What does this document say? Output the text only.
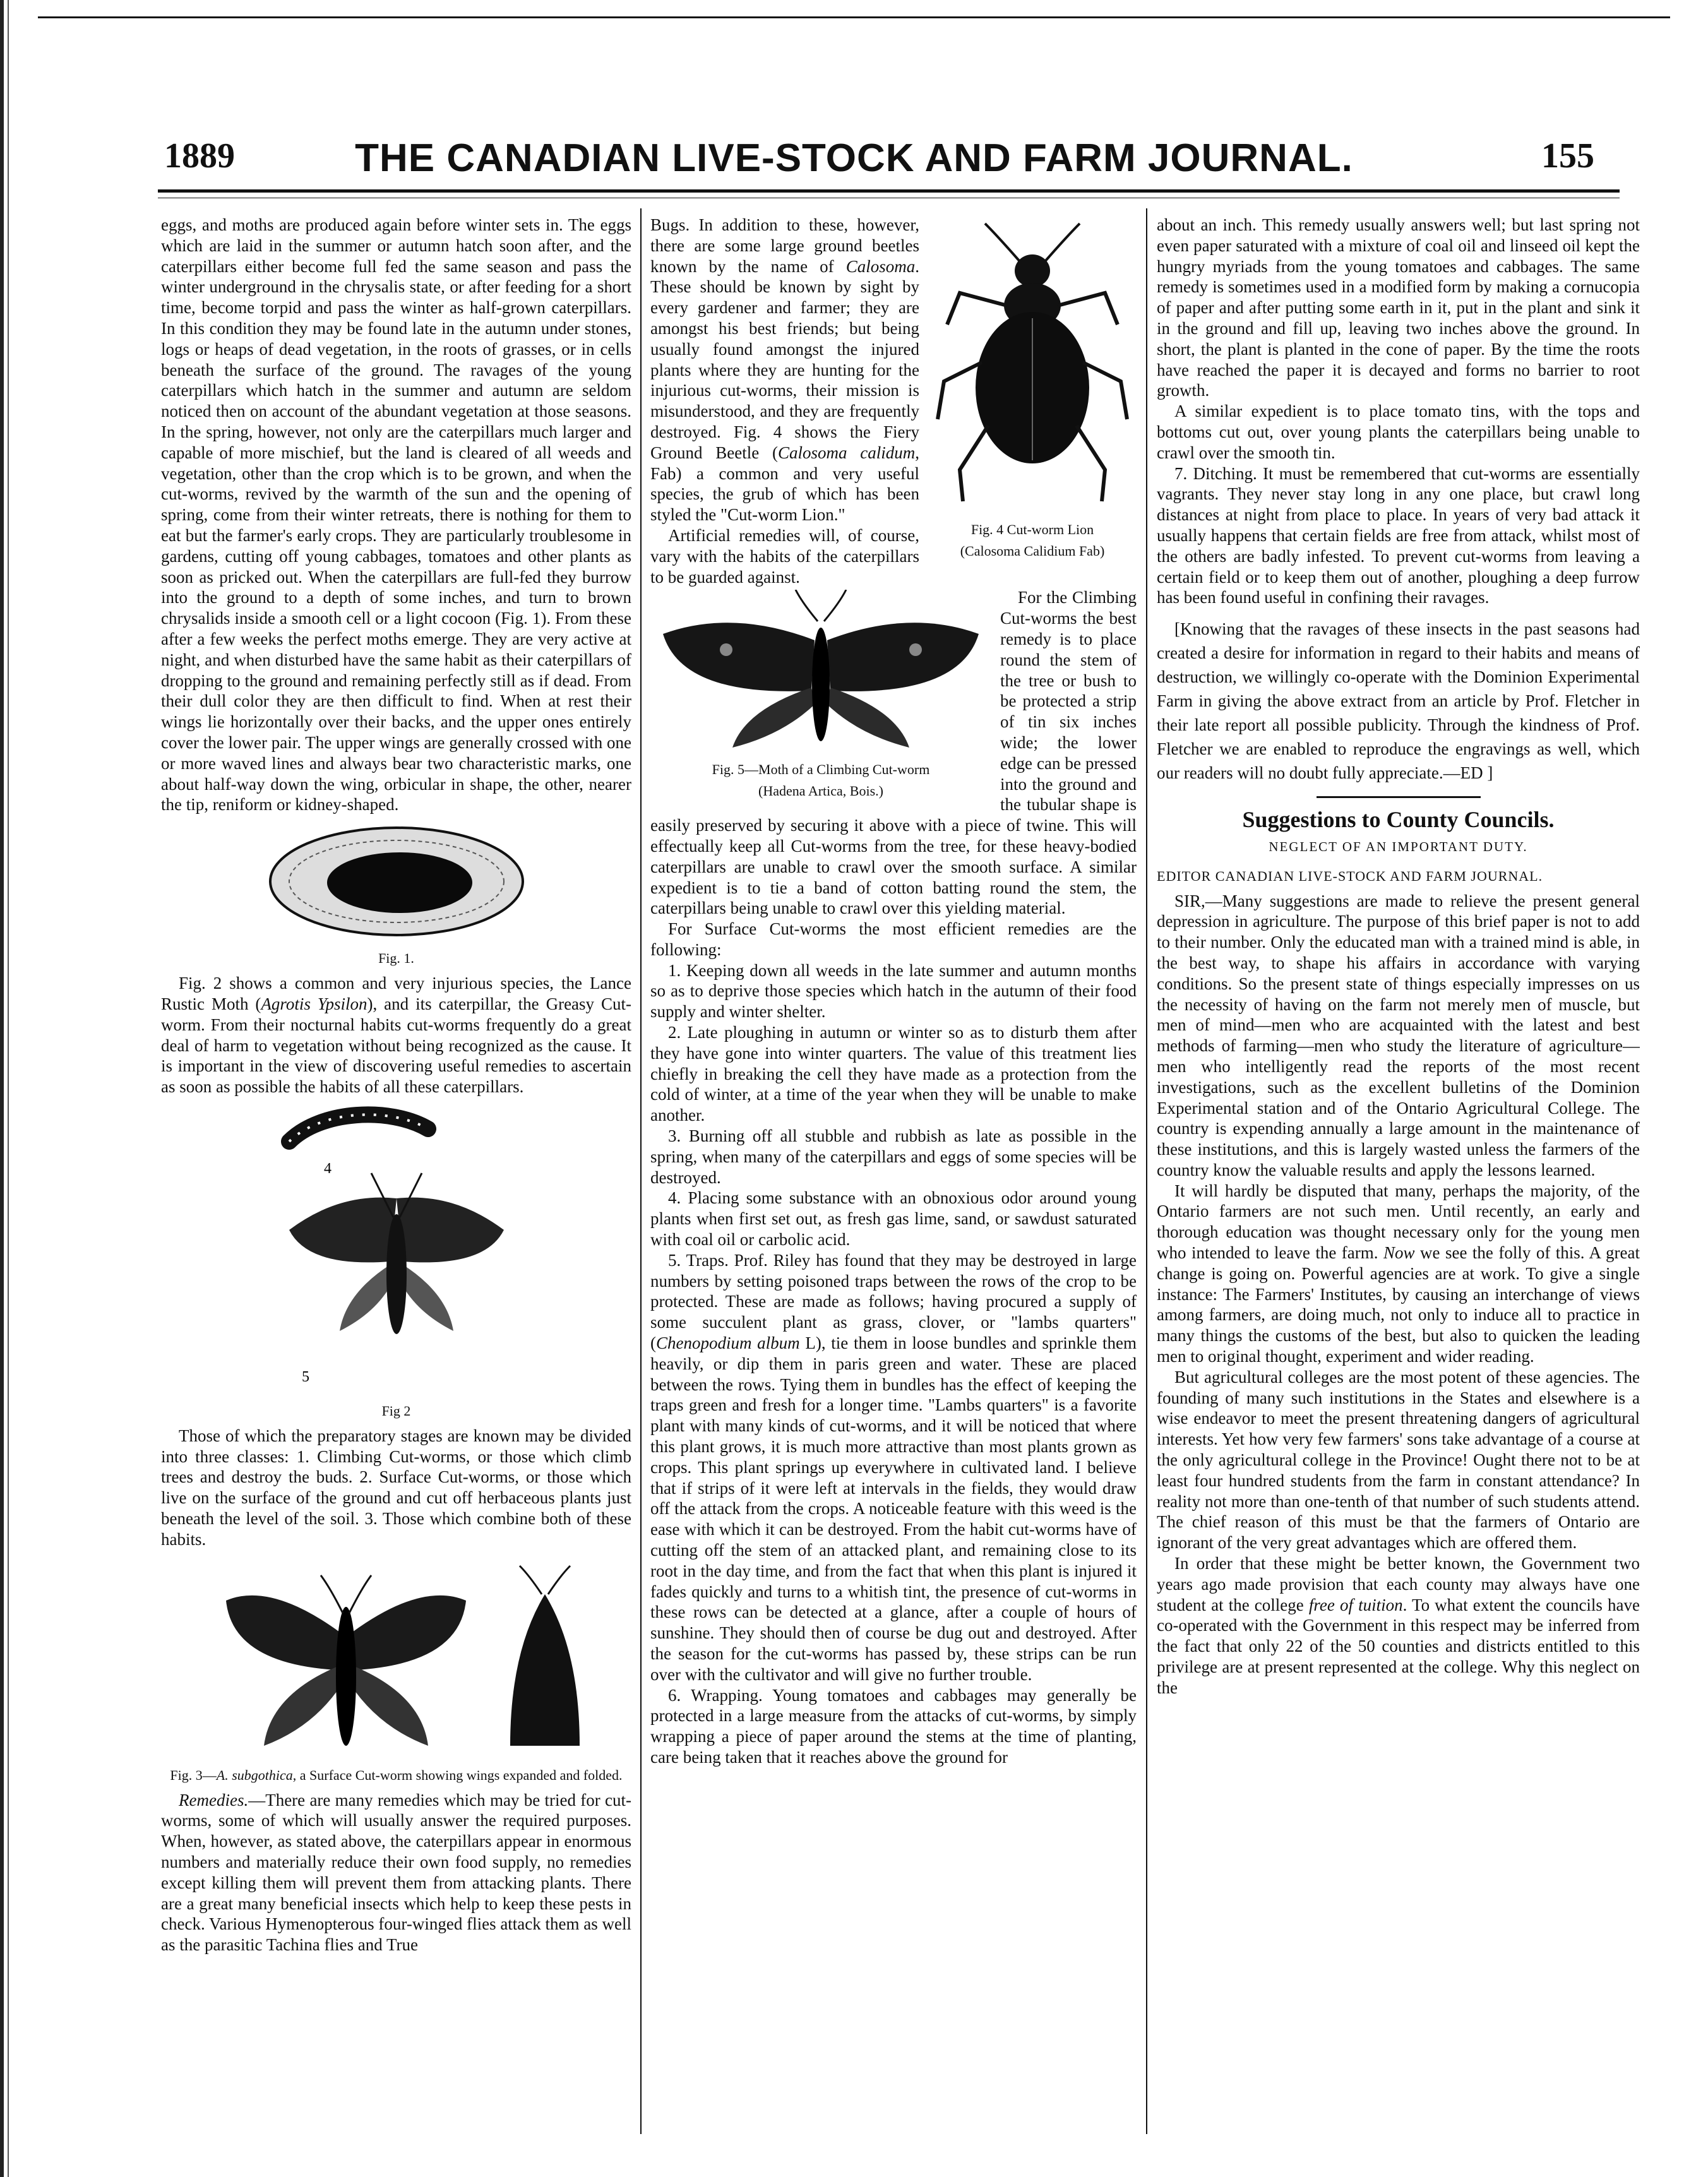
1889	THE CANADIAN LIVE-STOCK AND FARM JOURNAL.	155

eggs, and moths are produced again before winter sets in. The eggs which are laid in the summer or autumn hatch soon after, and the caterpillars either become full fed the same season and pass the winter underground in the chrysalis state, or after feeding for a short time, become torpid and pass the winter as half-grown caterpillars. In this condition they may be found late in the autumn under stones, logs or heaps of dead vegetation, in the roots of grasses, or in cells beneath the surface of the ground. The ravages of the young caterpillars which hatch in the summer and autumn are seldom noticed then on account of the abundant vegetation at those seasons. In the spring, however, not only are the caterpillars much larger and capable of more mischief, but the land is cleared of all weeds and vegetation, other than the crop which is to be grown, and when the cut-worms, revived by the warmth of the sun and the opening of spring, come from their winter retreats, there is nothing for them to eat but the farmer's early crops. They are particularly troublesome in gardens, cutting off young cabbages, tomatoes and other plants as soon as pricked out. When the caterpillars are full-fed they burrow into the ground to a depth of some inches, and turn to brown chrysalids inside a smooth cell or a light cocoon (Fig. 1). From these after a few weeks the perfect moths emerge. They are very active at night, and when disturbed have the same habit as their caterpillars of dropping to the ground and remaining perfectly still as if dead. From their dull color they are then difficult to find. When at rest their wings lie horizontally over their backs, and the upper ones entirely cover the lower pair. The upper wings are generally crossed with one or more waved lines and always bear two characteristic marks, one about half-way down the wing, orbicular in shape, the other, nearer the tip, reniform or kidney-shaped.

Fig. 1.

Fig. 2 shows a common and very injurious species, the Lance Rustic Moth (Agrotis Ypsilon), and its caterpillar, the Greasy Cut-worm. From their nocturnal habits cut-worms frequently do a great deal of harm to vegetation without being recognized as the cause. It is important in the view of discovering useful remedies to ascertain as soon as possible the habits of all these caterpillars.

4
5
Fig 2

Those of which the preparatory stages are known may be divided into three classes: 1. Climbing Cut-worms, or those which climb trees and destroy the buds. 2. Surface Cut-worms, or those which live on the surface of the ground and cut off herbaceous plants just beneath the level of the soil. 3. Those which combine both of these habits.

Fig. 3—A. subgothica, a Surface Cut-worm showing wings expanded and folded.

Remedies.—There are many remedies which may be tried for cut-worms, some of which will usually answer the required purposes. When, however, as stated above, the caterpillars appear in enormous numbers and materially reduce their own food supply, no remedies except killing them will prevent them from attacking plants. There are a great many beneficial insects which help to keep these pests in check. Various Hymenopterous four-winged flies attack them as well as the parasitic Tachina flies and True

Fig. 4 Cut-worm Lion
(Calosoma Calidium Fab)

Bugs. In addition to these, however, there are some large ground beetles known by the name of Calosoma. These should be known by sight by every gardener and farmer; they are amongst his best friends; but being usually found amongst the injured plants where they are hunting for the injurious cut-worms, their mission is misunderstood, and they are frequently destroyed. Fig. 4 shows the Fiery Ground Beetle (Calosoma calidum, Fab) a common and very useful species, the grub of which has been styled the "Cut-worm Lion."

Artificial remedies will, of course, vary with the habits of the caterpillars to be guarded against.

Fig. 5—Moth of a Climbing Cut-worm
(Hadena Artica, Bois.)

For the Climbing Cut-worms the best remedy is to place round the stem of the tree or bush to be protected a strip of tin six inches wide; the lower edge can be pressed into the ground and the tubular shape is easily preserved by securing it above with a piece of twine. This will effectually keep all Cut-worms from the tree, for these heavy-bodied caterpillars are unable to crawl over the smooth surface. A similar expedient is to tie a band of cotton batting round the stem, the caterpillars being unable to crawl over this yielding material.

For Surface Cut-worms the most efficient remedies are the following:

1. Keeping down all weeds in the late summer and autumn months so as to deprive those species which hatch in the autumn of their food supply and winter shelter.

2. Late ploughing in autumn or winter so as to disturb them after they have gone into winter quarters. The value of this treatment lies chiefly in breaking the cell they have made as a protection from the cold of winter, at a time of the year when they will be unable to make another.

3. Burning off all stubble and rubbish as late as possible in the spring, when many of the caterpillars and eggs of some species will be destroyed.

4. Placing some substance with an obnoxious odor around young plants when first set out, as fresh gas lime, sand, or sawdust saturated with coal oil or carbolic acid.

5. Traps. Prof. Riley has found that they may be destroyed in large numbers by setting poisoned traps between the rows of the crop to be protected. These are made as follows; having procured a supply of some succulent plant as grass, clover, or "lambs quarters" (Chenopodium album L), tie them in loose bundles and sprinkle them heavily, or dip them in paris green and water. These are placed between the rows. Tying them in bundles has the effect of keeping the traps green and fresh for a longer time. "Lambs quarters" is a favorite plant with many kinds of cut-worms, and it will be noticed that where this plant grows, it is much more attractive than most plants grown as crops. This plant springs up everywhere in cultivated land. I believe that if strips of it were left at intervals in the fields, they would draw off the attack from the crops. A noticeable feature with this weed is the ease with which it can be destroyed. From the habit cut-worms have of cutting off the stem of an attacked plant, and remaining close to its root in the day time, and from the fact that when this plant is injured it fades quickly and turns to a whitish tint, the presence of cut-worms in these rows can be detected at a glance, after a couple of hours of sunshine. They should then of course be dug out and destroyed. After the season for the cut-worms has passed by, these strips can be run over with the cultivator and will give no further trouble.

6. Wrapping. Young tomatoes and cabbages may generally be protected in a large measure from the attacks of cut-worms, by simply wrapping a piece of paper around the stems at the time of planting, care being taken that it reaches above the ground for

about an inch. This remedy usually answers well; but last spring not even paper saturated with a mixture of coal oil and linseed oil kept the hungry myriads from the young tomatoes and cabbages. The same remedy is sometimes used in a modified form by making a cornucopia of paper and after putting some earth in it, put in the plant and sink it in the ground and fill up, leaving two inches above the ground. In short, the plant is planted in the cone of paper. By the time the roots have reached the paper it is decayed and forms no barrier to root growth.

A similar expedient is to place tomato tins, with the tops and bottoms cut out, over young plants the caterpillars being unable to crawl over the smooth tin.

7. Ditching. It must be remembered that cut-worms are essentially vagrants. They never stay long in any one place, but crawl long distances at night from place to place. In years of very bad attack it usually happens that certain fields are free from attack, whilst most of the others are badly infested. To prevent cut-worms from leaving a certain field or to keep them out of another, ploughing a deep furrow has been found useful in confining their ravages.

[Knowing that the ravages of these insects in the past seasons had created a desire for information in regard to their habits and means of destruction, we willingly co-operate with the Dominion Experimental Farm in giving the above extract from an article by Prof. Fletcher in their late report all possible publicity. Through the kindness of Prof. Fletcher we are enabled to reproduce the engravings as well, which our readers will no doubt fully appreciate.—ED ]

Suggestions to County Councils.
NEGLECT OF AN IMPORTANT DUTY.
EDITOR CANADIAN LIVE-STOCK AND FARM JOURNAL.

SIR,—Many suggestions are made to relieve the present general depression in agriculture. The purpose of this brief paper is not to add to their number. Only the educated man with a trained mind is able, in the best way, to shape his affairs in accordance with varying conditions. So the present state of things especially impresses on us the necessity of having on the farm not merely men of muscle, but men of mind—men who are acquainted with the latest and best methods of farming—men who study the literature of agriculture—men who intelligently read the reports of the most recent investigations, such as the excellent bulletins of the Dominion Experimental station and of the Ontario Agricultural College. The country is expending annually a large amount in the maintenance of these institutions, and this is largely wasted unless the farmers of the country know the valuable results and apply the lessons learned.

It will hardly be disputed that many, perhaps the majority, of the Ontario farmers are not such men. Until recently, an early and thorough education was thought necessary only for the young men who intended to leave the farm. Now we see the folly of this. A great change is going on. Powerful agencies are at work. To give a single instance: The Farmers' Institutes, by causing an interchange of views among farmers, are doing much, not only to induce all to practice in many things the customs of the best, but also to quicken the leading men to original thought, experiment and wider reading.

But agricultural colleges are the most potent of these agencies. The founding of many such institutions in the States and elsewhere is a wise endeavor to meet the present threatening dangers of agricultural interests. Yet how very few farmers' sons take advantage of a course at the only agricultural college in the Province! Ought there not to be at least four hundred students from the farm in constant attendance? In reality not more than one-tenth of that number of such students attend. The chief reason of this must be that the farmers of Ontario are ignorant of the very great advantages which are offered them.

In order that these might be better known, the Government two years ago made provision that each county may always have one student at the college free of tuition. To what extent the councils have co-operated with the Government in this respect may be inferred from the fact that only 22 of the 50 counties and districts entitled to this privilege are at present represented at the college. Why this neglect on the
